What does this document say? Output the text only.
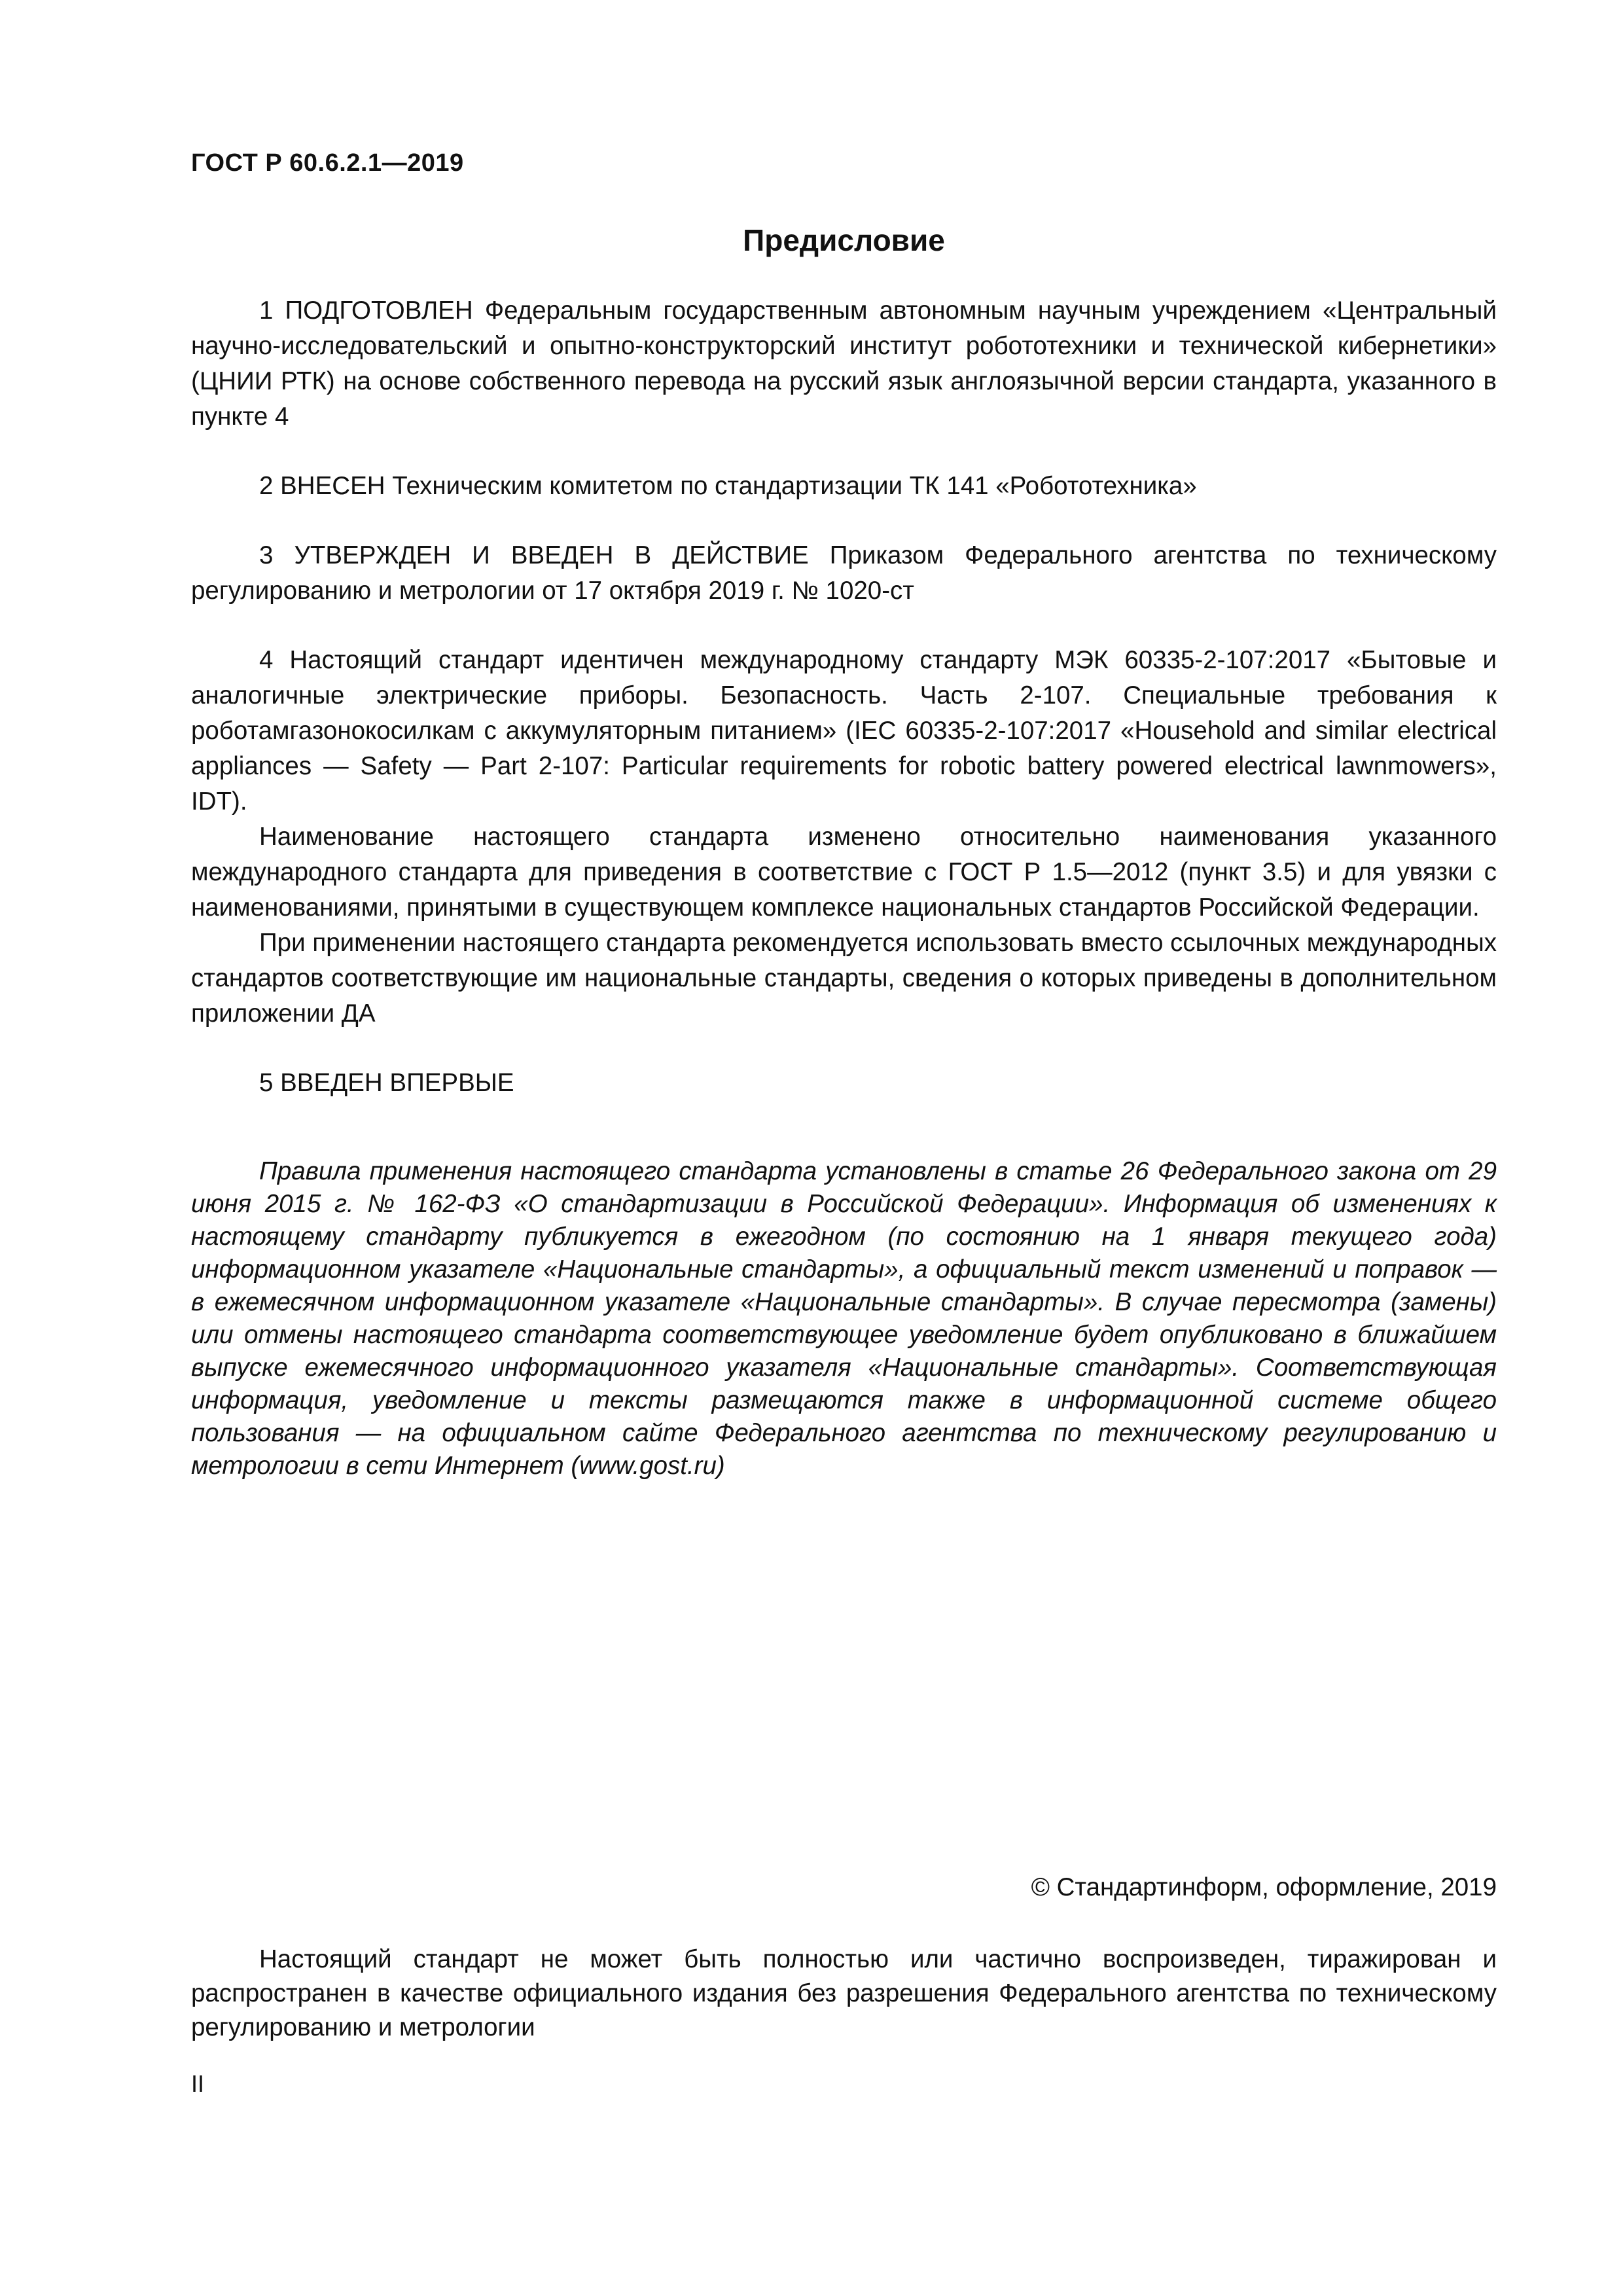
ГОСТ Р 60.6.2.1—2019
Предисловие

1 ПОДГОТОВЛЕН Федеральным государственным автономным научным учреждением «Центральный научно-исследовательский и опытно-конструкторский институт робототехники и технической кибернетики» (ЦНИИ РТК) на основе собственного перевода на русский язык англоязычной версии стандарта, указанного в пункте 4

2 ВНЕСЕН Техническим комитетом по стандартизации ТК 141 «Робототехника»

3 УТВЕРЖДЕН И ВВЕДЕН В ДЕЙСТВИЕ Приказом Федерального агентства по техническому регулированию и метрологии от 17 октября 2019 г. № 1020-ст

4 Настоящий стандарт идентичен международному стандарту МЭК 60335-2-107:2017 «Бытовые и аналогичные электрические приборы. Безопасность. Часть 2-107. Специальные требования к роботамгазонокосилкам с аккумуляторным питанием» (IEC 60335-2-107:2017 «Household and similar electrical appliances — Safety — Part 2-107: Particular requirements for robotic battery powered electrical lawnmowers», IDT).

Наименование настоящего стандарта изменено относительно наименования указанного международного стандарта для приведения в соответствие с ГОСТ Р 1.5—2012 (пункт 3.5) и для увязки с наименованиями, принятыми в существующем комплексе национальных стандартов Российской Федерации.

При применении настоящего стандарта рекомендуется использовать вместо ссылочных международных стандартов соответствующие им национальные стандарты, сведения о которых приведены в дополнительном приложении ДА

5 ВВЕДЕН ВПЕРВЫЕ

Правила применения настоящего стандарта установлены в статье 26 Федерального закона от 29 июня 2015 г. № 162-ФЗ «О стандартизации в Российской Федерации». Информация об изменениях к настоящему стандарту публикуется в ежегодном (по состоянию на 1 января текущего года) информационном указателе «Национальные стандарты», а официальный текст изменений и поправок — в ежемесячном информационном указателе «Национальные стандарты». В случае пересмотра (замены) или отмены настоящего стандарта соответствующее уведомление будет опубликовано в ближайшем выпуске ежемесячного информационного указателя «Национальные стандарты». Соответствующая информация, уведомление и тексты размещаются также в информационной системе общего пользования — на официальном сайте Федерального агентства по техническому регулированию и метрологии в сети Интернет (www.gost.ru)

© Стандартинформ, оформление, 2019

Настоящий стандарт не может быть полностью или частично воспроизведен, тиражирован и распространен в качестве официального издания без разрешения Федерального агентства по техническому регулированию и метрологии

II
